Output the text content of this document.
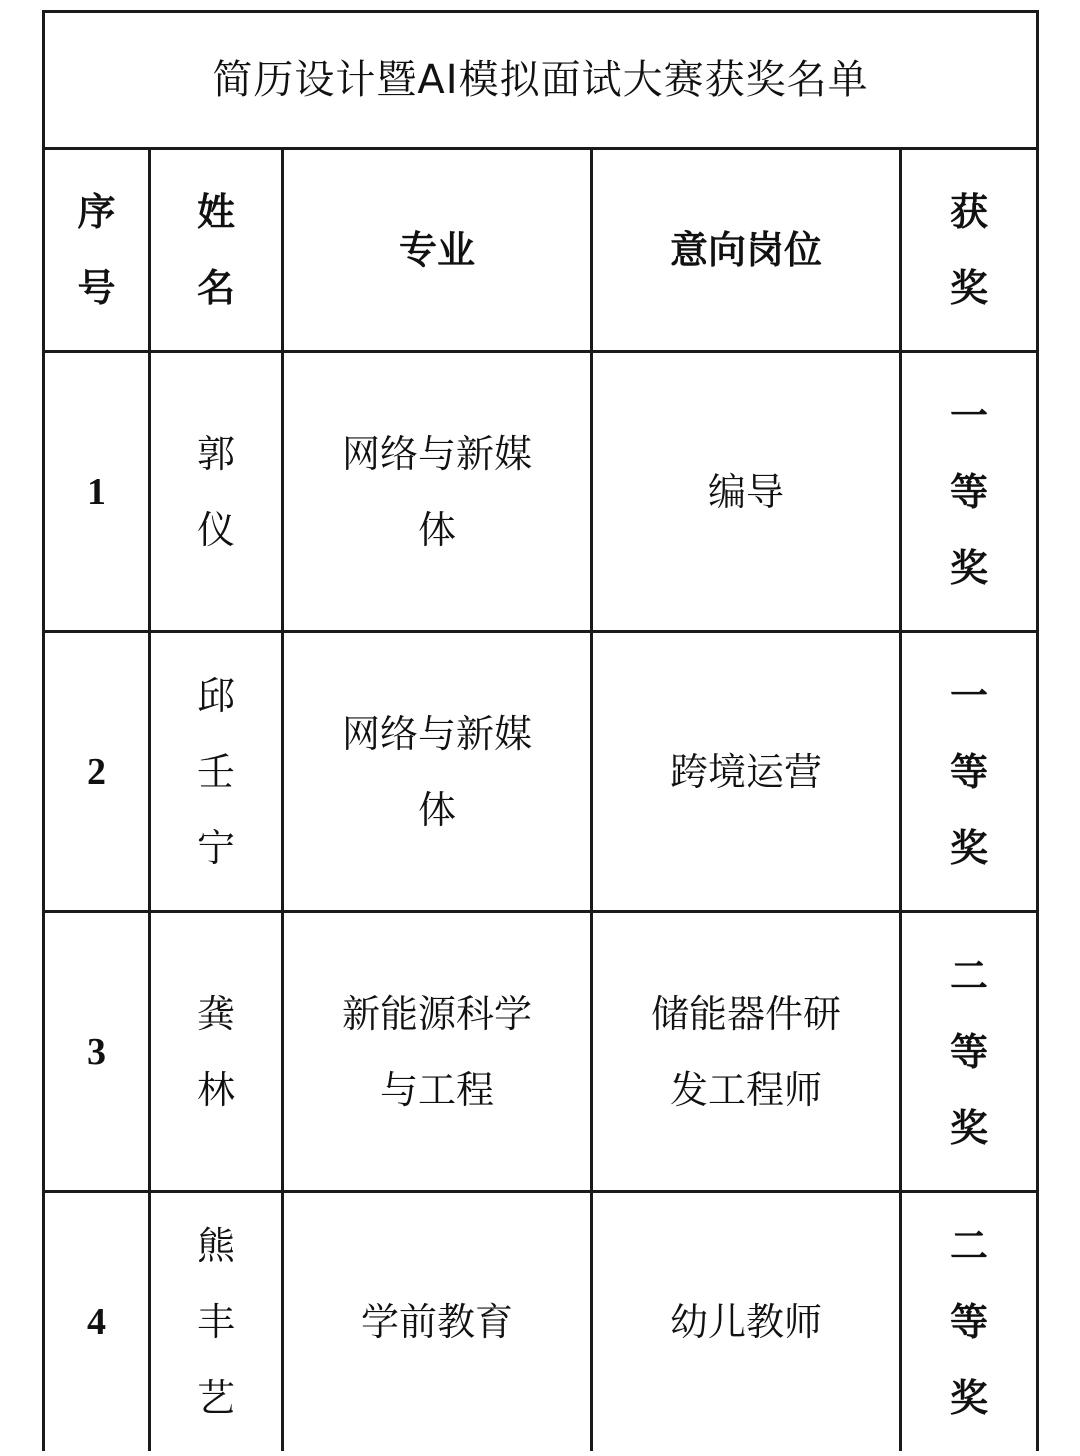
简历设计暨AI模拟面试大赛获奖名单				
序号	姓名	专业	意向岗位	获奖
1	郭仪	网络与新媒体	编导	一等奖
2	邱壬宁	网络与新媒体	跨境运营	一等奖
3	龚林	新能源科学与工程	储能器件研发工程师	二等奖
4	熊丰艺	学前教育	幼儿教师	二等奖
